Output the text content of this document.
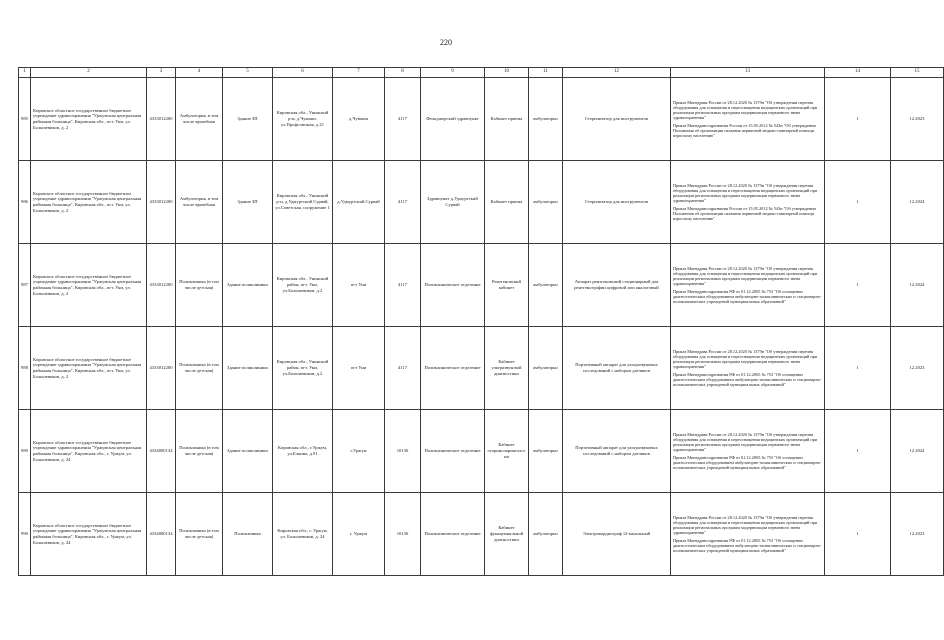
220
1	2	3	4	5	6	7	8	9	10	11	12	13	14	15
985	Кировское областное государственное бюджетное учреждение здравоохранения "Уржумская центральная районная больница", Кировская обл., пгт. Уни, ул. Большевиков, д. 2	4333012200	Амбулатория, в том числе врачебная	Здание ЗП	Кировская обл., Унинский р-н, д.Чуваши, ул.Профсоюзная, д.21	д.Чуваши	4117	Фельдшерский здравпункт	Кабинет приема	амбулаторно	Стерилизатор для инструментов	Приказ Минздрава России от 28.12.2020 № 1379н "Об утверждении перечня оборудования для оснащения и переоснащения медицинских организаций при реализации региональных программ модернизации первичного звена здравоохранения"
Приказ Минздравсоцразвития России от 15.05.2012 № 543н "Об утверждении Положения об организации оказания первичной медико-санитарной помощи взрослому населению"	1	12.2023
986	Кировское областное государственное бюджетное учреждение здравоохранения "Уржумская центральная районная больница", Кировская обл., пгт. Уни, ул. Большевиков, д. 2	4333012200	Амбулатория, в том числе врачебная	Здание ЗП	Кировская обл., Унинский р-н, д.Удмуртский Сурвай, ул.Советская, сооружение 1	д.Удмуртский Сурвай	4117	Здравпункт д.Удмуртский Сурвай	Кабинет приема	амбулаторно	Стерилизатор для инструментов	Приказ Минздрава России от 28.12.2020 № 1379н "Об утверждении перечня оборудования для оснащения и переоснащения медицинских организаций при реализации региональных программ модернизации первичного звена здравоохранения"
Приказ Минздравсоцразвития России от 15.05.2012 № 543н "Об утверждении Положения об организации оказания первичной медико-санитарной помощи взрослому населению"	1	12.2024
987	Кировское областное государственное бюджетное учреждение здравоохранения "Уржумская центральная районная больница", Кировская обл., пгт. Уни, ул. Большевиков, д. 2	4333012200	Поликлиника (в том числе детская)	Здание поликлиники	Кировская обл., Унинский район, пгт. Уни, ул.Большевиков, д.2	пгт Уни	4117	Поликлиническое отделение	Рентгеновский кабинет	амбулаторно	Аппарат рентгеновский стационарный для рентгенографии цифровой или аналоговый	Приказ Минздрава России от 28.12.2020 № 1379н "Об утверждении перечня оборудования для оснащения и переоснащения медицинских организаций при реализации региональных программ модернизации первичного звена здравоохранения"
Приказ Минздравсоцразвития РФ от 01.12.2005 № 753 "Об оснащении диагностическим оборудованием амбулаторно-поликлинических и стационарно-поликлинических учреждений муниципальных образований"	1	12.2024
988	Кировское областное государственное бюджетное учреждение здравоохранения "Уржумская центральная районная больница", Кировская обл., пгт. Уни, ул. Большевиков, д. 2	4333012200	Поликлиника (в том числе детская)	Здание поликлиники	Кировская обл., Унинский район, пгт. Уни, ул.Большевиков, д.2	пгт Уни	4117	Поликлиническое отделение	Кабинет ультразвуковой диагностики	амбулаторно	Портативный аппарат для ультразвуковых исследований с набором датчиков	Приказ Минздрава России от 28.12.2020 № 1379н "Об утверждении перечня оборудования для оснащения и переоснащения медицинских организаций при реализации региональных программ модернизации первичного звена здравоохранения"
Приказ Минздравсоцразвития РФ от 01.12.2005 № 753 "Об оснащении диагностическим оборудованием амбулаторно-поликлинических и стационарно-поликлинических учреждений муниципальных образований"	1	12.2023
989	Кировское областное государственное бюджетное учреждение здравоохранения "Уржумская центральная районная больница", Кировская обл., г. Уржум, ул. Большевиков, д. 24	4334000134	Поликлиника (в том числе детская)	Здание поликлиники	Кировская обл., г.Уржум, ул.Елкина, д.91	г.Уржум	10136	Поликлиническое отделение	Кабинет оториноларингологии	амбулаторно	Портативный аппарат для ультразвуковых исследований с набором датчиков	Приказ Минздрава России от 28.12.2020 № 1379н "Об утверждении перечня оборудования для оснащения и переоснащения медицинских организаций при реализации региональных программ модернизации первичного звена здравоохранения"
Приказ Минздравсоцразвития РФ от 01.12.2005 № 753 "Об оснащении диагностическим оборудованием амбулаторно-поликлинических и стационарно-поликлинических учреждений муниципальных образований"	1	12.2024
990	Кировское областное государственное бюджетное учреждение здравоохранения "Уржумская центральная районная больница", Кировская обл., г. Уржум, ул. Большевиков, д. 24	4334000134	Поликлиника (в том числе детская)	Поликлиника	Кировская обл., г. Уржум, ул. Большевиков, д. 24	г. Уржум	10136	Поликлиническое отделение	Кабинет функциональной диагностики	амбулаторно	Электрокардиограф 12-канальный	Приказ Минздрава России от 28.12.2020 № 1379н "Об утверждении перечня оборудования для оснащения и переоснащения медицинских организаций при реализации региональных программ модернизации первичного звена здравоохранения"
Приказ Минздравсоцразвития РФ от 01.12.2005 № 753 "Об оснащении диагностическим оборудованием амбулаторно-поликлинических и стационарно-поликлинических учреждений муниципальных образований"	1	12.2023
